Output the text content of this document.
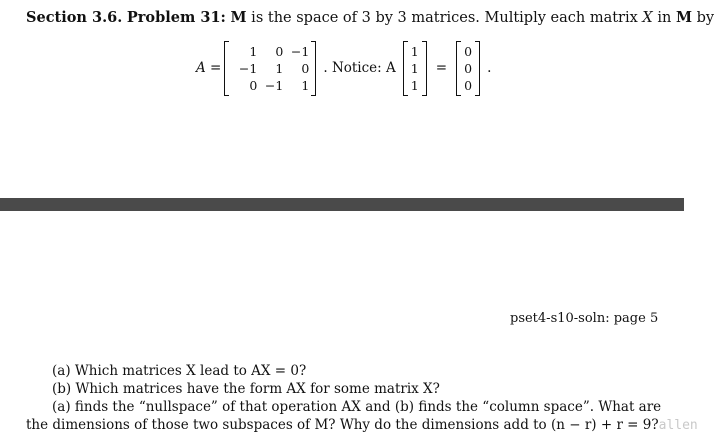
Section 3.6. Problem 31: M is the space of 3 by 3 matrices. Multiply each matrix X in M by
A =
1	0 −1
−1	1	0
0 −1	1
. Notice: A
1
1
1
=
0
0
0
.
pset4-s10-soln: page 5
(a) Which matrices X lead to AX = 0?
(b) Which matrices have the form AX for some matrix X?
(a) finds the “nullspace” of that operation AX and (b) finds the “column space”. What are
the dimensions of those two subspaces of M? Why do the dimensions add to (n − r) + r = 9?allen
